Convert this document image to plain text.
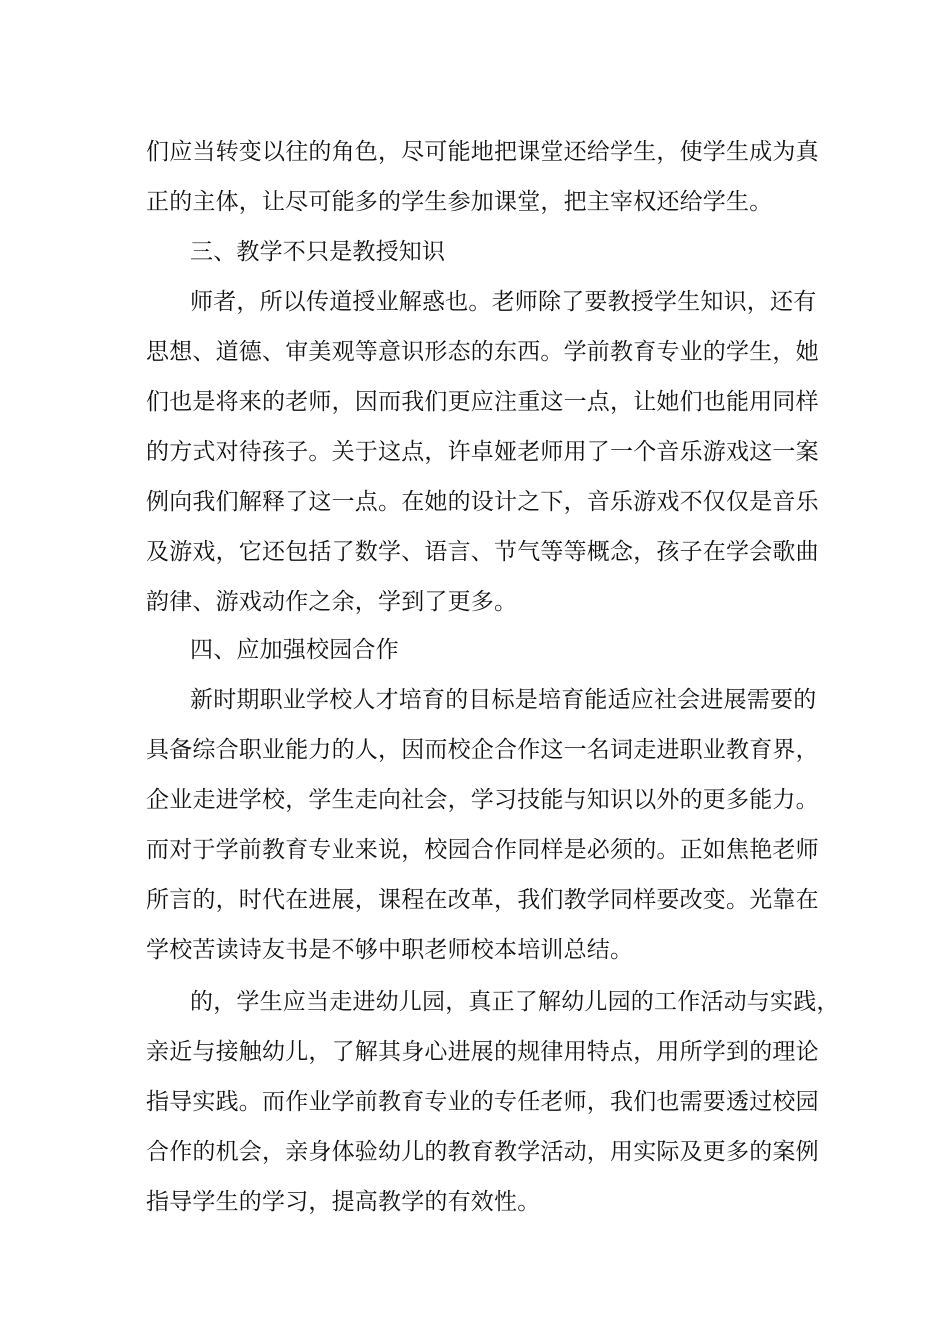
们应当转变以往的角色，尽可能地把课堂还给学生，使学生成为真
正的主体，让尽可能多的学生参加课堂，把主宰权还给学生。
三、教学不只是教授知识
师者，所以传道授业解惑也。老师除了要教授学生知识，还有
思想、道德、审美观等意识形态的东西。学前教育专业的学生，她
们也是将来的老师，因而我们更应注重这一点，让她们也能用同样
的方式对待孩子。关于这点，许卓娅老师用了一个音乐游戏这一案
例向我们解释了这一点。在她的设计之下，音乐游戏不仅仅是音乐
及游戏，它还包括了数学、语言、节气等等概念，孩子在学会歌曲
韵律、游戏动作之余，学到了更多。
四、应加强校园合作
新时期职业学校人才培育的目标是培育能适应社会进展需要的
具备综合职业能力的人，因而校企合作这一名词走进职业教育界，
企业走进学校，学生走向社会，学习技能与知识以外的更多能力。
而对于学前教育专业来说，校园合作同样是必须的。正如焦艳老师
所言的，时代在进展，课程在改革，我们教学同样要改变。光靠在
学校苦读诗友书是不够中职老师校本培训总结。
的，学生应当走进幼儿园，真正了解幼儿园的工作活动与实践，
亲近与接触幼儿，了解其身心进展的规律用特点，用所学到的理论
指导实践。而作业学前教育专业的专任老师，我们也需要透过校园
合作的机会，亲身体验幼儿的教育教学活动，用实际及更多的案例
指导学生的学习，提高教学的有效性。
